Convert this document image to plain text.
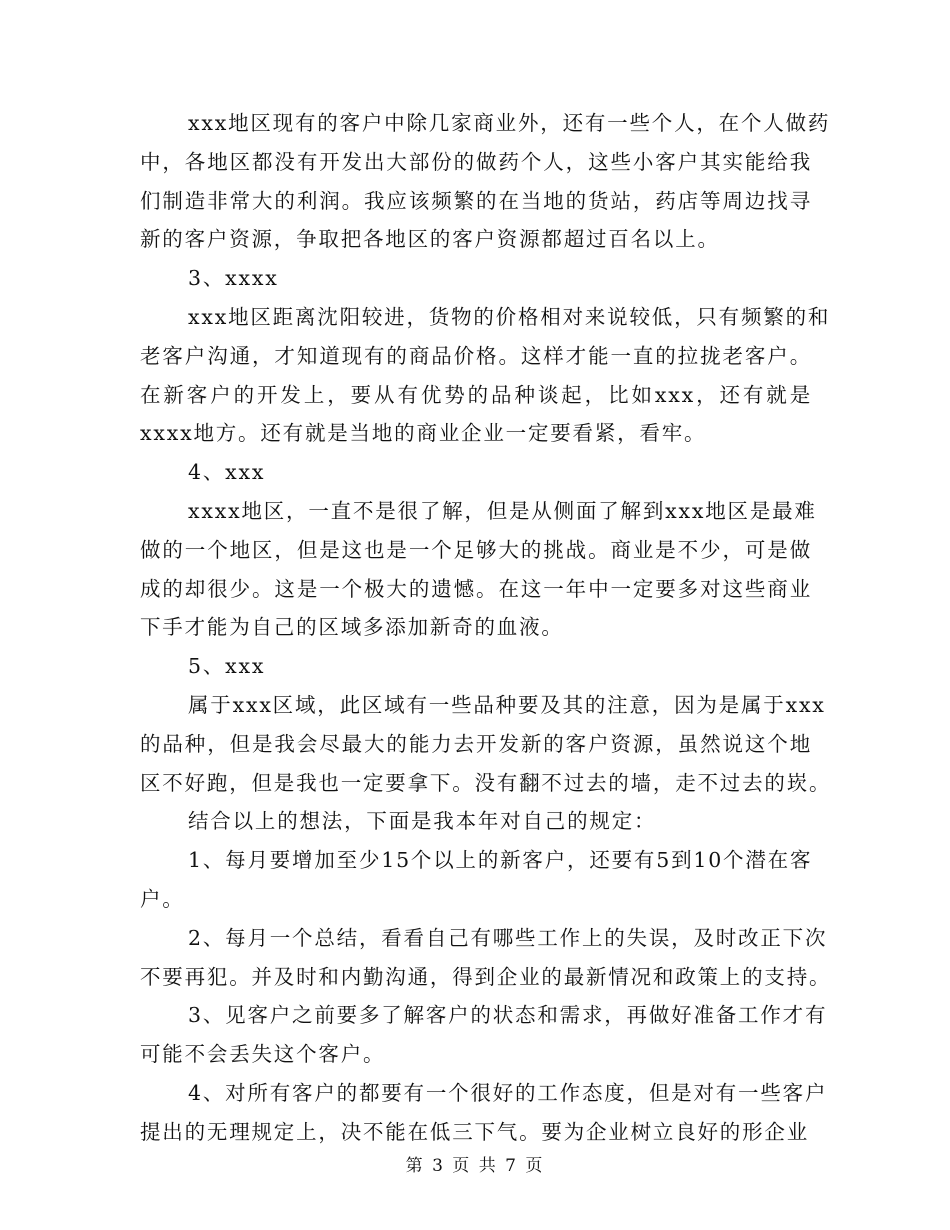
xxx地区现有的客户中除几家商业外，还有一些个人，在个人做药
中，各地区都没有开发出大部份的做药个人，这些小客户其实能给我
们制造非常大的利润。我应该频繁的在当地的货站，药店等周边找寻
新的客户资源，争取把各地区的客户资源都超过百名以上。
3、xxxx
xxx地区距离沈阳较进，货物的价格相对来说较低，只有频繁的和
老客户沟通，才知道现有的商品价格。这样才能一直的拉拢老客户。
在新客户的开发上，要从有优势的品种谈起，比如xxx，还有就是
xxxx地方。还有就是当地的商业企业一定要看紧，看牢。
4、xxx
xxxx地区，一直不是很了解，但是从侧面了解到xxx地区是最难
做的一个地区，但是这也是一个足够大的挑战。商业是不少，可是做
成的却很少。这是一个极大的遗憾。在这一年中一定要多对这些商业
下手才能为自己的区域多添加新奇的血液。
5、xxx
属于xxx区域，此区域有一些品种要及其的注意，因为是属于xxx
的品种，但是我会尽最大的能力去开发新的客户资源，虽然说这个地
区不好跑，但是我也一定要拿下。没有翻不过去的墙，走不过去的崁。
结合以上的想法，下面是我本年对自己的规定：
1、每月要增加至少15个以上的新客户，还要有5到10个潜在客
户。
2、每月一个总结，看看自己有哪些工作上的失误，及时改正下次
不要再犯。并及时和内勤沟通，得到企业的最新情况和政策上的支持。
3、见客户之前要多了解客户的状态和需求，再做好准备工作才有
可能不会丢失这个客户。
4、对所有客户的都要有一个很好的工作态度，但是对有一些客户
提出的无理规定上，决不能在低三下气。要为企业树立良好的形企业
第 3 页 共 7 页
